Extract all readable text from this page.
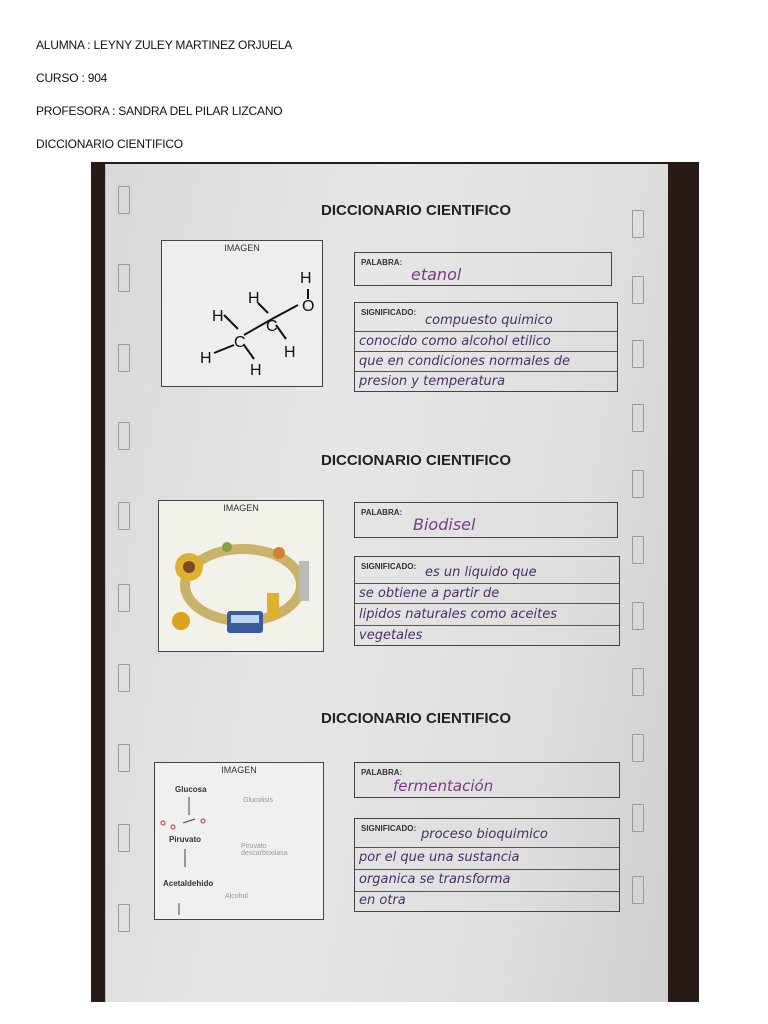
ALUMNA : LEYNY ZULEY MARTINEZ ORJUELA
CURSO : 904
PROFESORA : SANDRA DEL PILAR LIZCANO
DICCIONARIO CIENTIFICO
DICCIONARIO CIENTIFICO
IMAGEN
H
H	O
H
C
C
H
H
H
PALABRA:
etanol
SIGNIFICADO:
compuesto quimico
conocido como alcohol etilico
que en condiciones normales de
presion y temperatura
DICCIONARIO CIENTIFICO
IMAGEN	PALABRA:
Biodisel
SIGNIFICADO: es un liquido que
se obtiene a partir de
lipidos naturales como aceites
vegetales
DICCIONARIO CIENTIFICO
IMAGEN
Glucosa
Glucolisis
Piruvato
Piruvato descarboxilasa
Acetaldehido
Alcohol
PALABRA:
fermentación
SIGNIFICADO: proceso bioquimico
por el que una sustancia
organica se transforma
en otra
